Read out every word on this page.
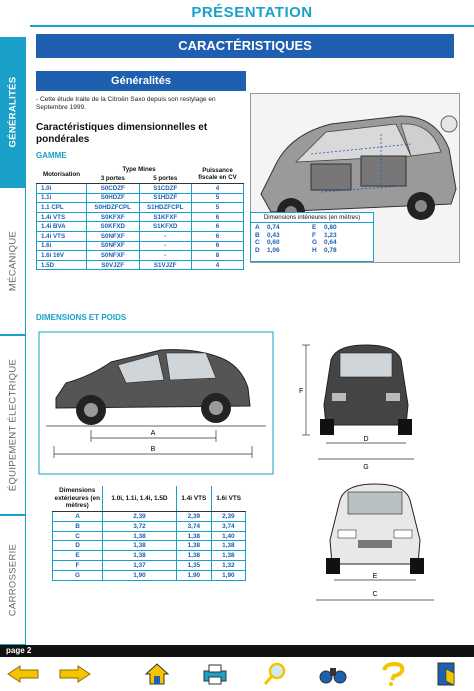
PRÉSENTATION
CARACTÉRISTIQUES
GÉNÉRALITÉS
MÉCANIQUE
ÉQUIPEMENT ÉLECTRIQUE
CARROSSERIE
Généralités
- Cette étude traite de la Citroën Saxo depuis son restylage en Septembre 1999.
Caractéristiques dimensionnelles et pondérales
GAMME
Motorisation	Type Mines		Puissance fiscale en CV
	3 portes	5 portes	
1.0i	S0CDZF	S1CDZF	4
1.1i	S0HDZF	S1HDZF	5
1.1 CPL	S0HDZFCPL	S1HDZFCPL	5
1.4i VTS	S0KFXF	S1KFXF	6
1.4i BVA	S0KFXD	S1KFXD	6
1.4i VTS	S0NFXF	-	6
1.6i	S0NFXF	-	6
1.6i 16V	S0NFXF	-	8
1.5D	S0VJZF	S1VJZF	4
Dimensions intérieures (en mètres)
A 0,74	E 0,80
B 0,43	F 1,23
C 0,60	G 0,64
D 1,06	H 0,78
DIMENSIONS ET POIDS
A
B
F
D
G
Dimensions extérieures (en mètres)	1.0i, 1.1i, 1.4i, 1.5D	1.4i VTS	1.6i VTS
A	2,39	2,39	2,39
B	3,72	3,74	3,74
C	1,38	1,38	1,40
D	1,38	1,38	1,38
E	1,38	1,38	1,38
F	1,37	1,35	1,32
G	1,90	1,90	1,90	E
C
page 2
